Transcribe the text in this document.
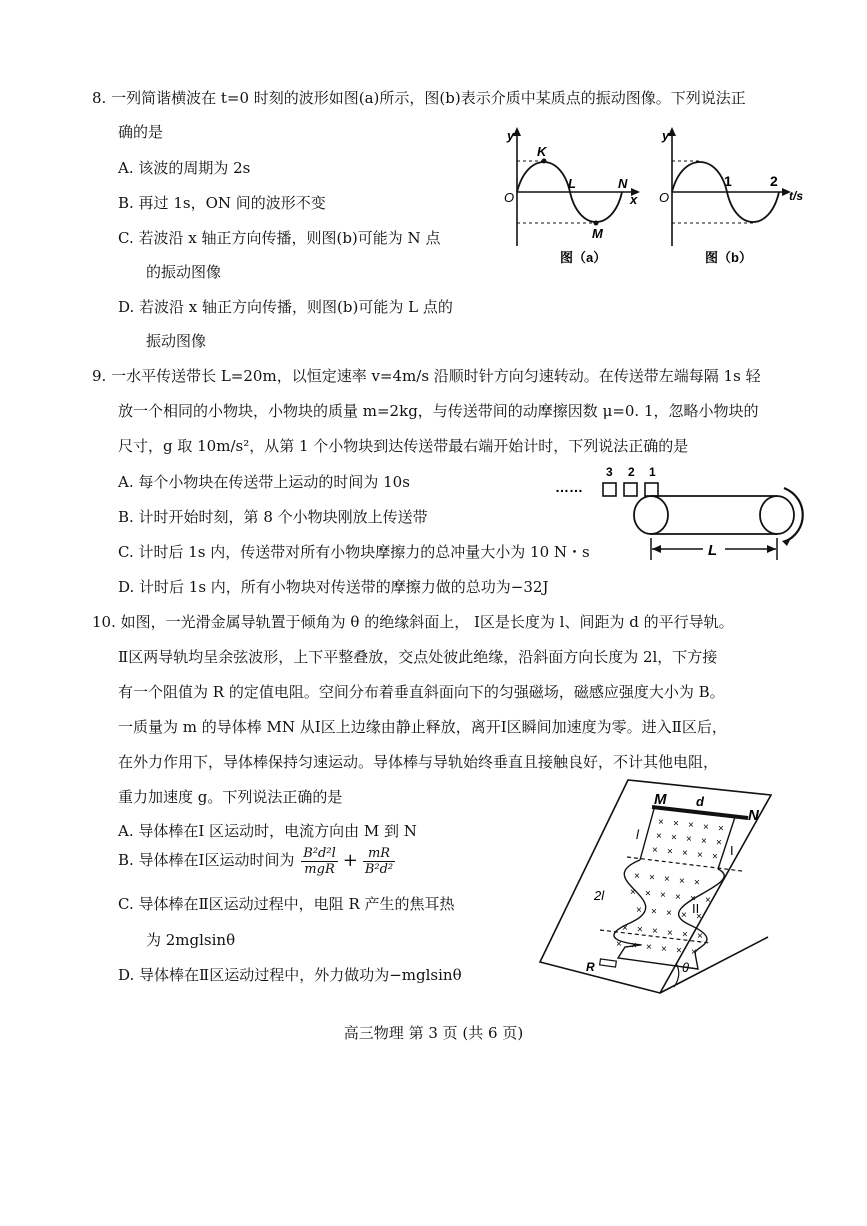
8. 一列简谐横波在 t=0 时刻的波形如图(a)所示，图(b)表示介质中某质点的振动图像。下列说法正
确的是
A. 该波的周期为 2s
B. 再过 1s，ON 间的波形不变
C. 若波沿 x 轴正方向传播，则图(b)可能为 N 点
的振动图像
D. 若波沿 x 轴正方向传播，则图(b)可能为 L 点的
振动图像
y
O
K
L	N
x
M
图（a）
y
O
1	2
t/s
图（b）
9. 一水平传送带长 L=20m，以恒定速率 v=4m/s 沿顺时针方向匀速转动。在传送带左端每隔 1s 轻
放一个相同的小物块，小物块的质量 m=2kg，与传送带间的动摩擦因数 μ=0. 1，忽略小物块的
尺寸，g 取 10m/s²，从第 1 个小物块到达传送带最右端开始计时，下列说法正确的是
A. 每个小物块在传送带上运动的时间为 10s
B. 计时开始时刻，第 8 个小物块刚放上传送带
C. 计时后 1s 内，传送带对所有小物块摩擦力的总冲量大小为 10 N・s
D. 计时后 1s 内，所有小物块对传送带的摩擦力做的总功为−32J
……
3 2 1
L
10. 如图，一光滑金属导轨置于倾角为 θ 的绝缘斜面上， Ⅰ区是长度为 l、间距为 d 的平行导轨。
Ⅱ区两导轨均呈余弦波形，上下平整叠放，交点处彼此绝缘，沿斜面方向长度为 2l，下方接
有一个阻值为 R 的定值电阻。空间分布着垂直斜面向下的匀强磁场，磁感应强度大小为 B。
一质量为 m 的导体棒 MN 从Ⅰ区上边缘由静止释放，离开Ⅰ区瞬间加速度为零。进入Ⅱ区后，
在外力作用下，导体棒保持匀速运动。导体棒与导轨始终垂直且接触良好，不计其他电阻，
重力加速度 g。下列说法正确的是
A. 导体棒在Ⅰ 区运动时，电流方向由 M 到 N
B. 导体棒在Ⅰ区运动时间为 $\frac{\text{B²d²l}}{\text{mgR}} + \frac{mR}{\text{B²d²}}$
C. 导体棒在Ⅱ区运动过程中，电阻 R 产生的焦耳热
为 2mglsinθ
D. 导体棒在Ⅱ区运动过程中，外力做功为−mglsinθ	θ
M d
N
l
I
2l
II
R
× × × × ×
× × × × ×
× × × × ×
× × × × ×
× × × × × ×
× × × × ×
× × × × × ×
× × × × × ×
高三物理 第 3 页 (共 6 页)
